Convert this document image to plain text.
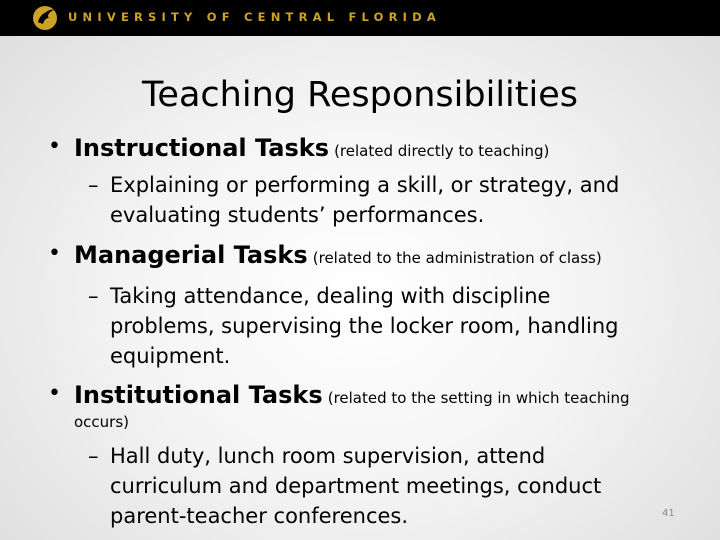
UNIVERSITY OF CENTRAL FLORIDA
Teaching Responsibilities
• Instructional Tasks (related directly to teaching)
– Explaining or performing a skill, or strategy, and
evaluating students’ performances.
• Managerial Tasks (related to the administration of class)
– Taking attendance, dealing with discipline
problems, supervising the locker room, handling
equipment.
• Institutional Tasks (related to the setting in which teaching
occurs)
– Hall duty, lunch room supervision, attend
curriculum and department meetings, conduct
parent-teacher conferences.	41
